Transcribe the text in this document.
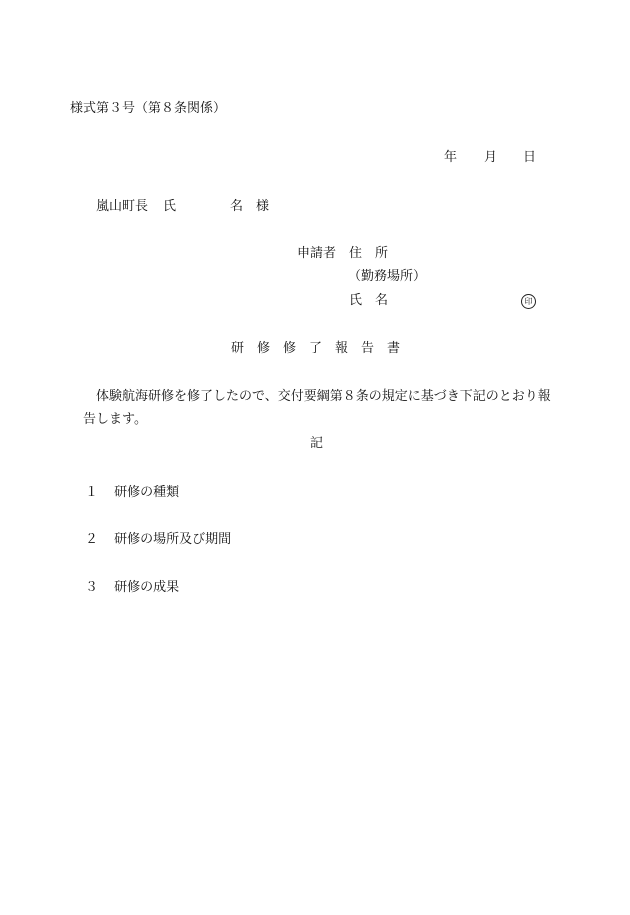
様式第３号（第８条関係）
年 月 日
嵐山町長 氏	名 様
申請者 住　所
（勤務場所）
氏　名	印
研　修　修　了　報　告　書
体験航海研修を修了したので、交付要綱第８条の規定に基づき下記のとおり報
告します。
記
１ 研修の種類
２ 研修の場所及び期間
３ 研修の成果
